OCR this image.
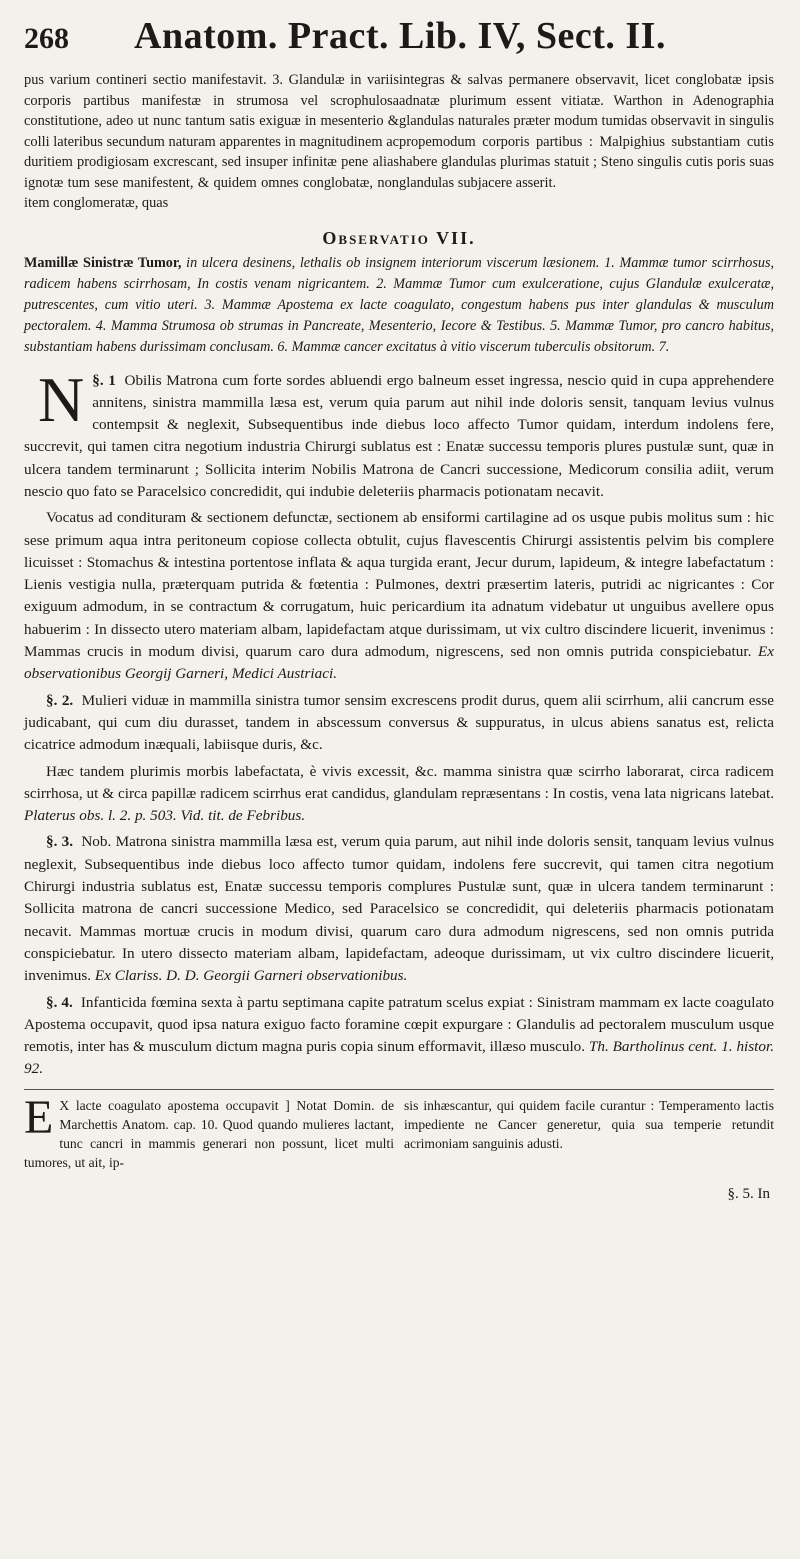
268	Anatom. Pract. Lib. IV, Sect. II.
pus varium contineri sectio manifestavit. 3. Glandulæ in variis corporis partibus manifestæ in strumosa vel scrophulosa constitutione, adeo ut nunc tantum satis exiguæ in mesenterio & colli lateribus secundum naturam apparentes in magnitudinem ac duritiem prodigiosam excrescant, sed insuper infinitæ pene alias ignotæ tum sese manifestent, & quidem omnes conglobatæ, non item conglomeratæ, quas
integras & salvas permanere observavit, licet conglobatæ ipsis adnatæ plurimum essent vitiatæ. Warthon in Adenographia glandulas naturales præter modum tumidas observavit in singulis propemodum corporis partibus : Malpighius substantiam cutis habere glandulas plurimas statuit ; Steno singulis cutis poris suas glandulas subjacere asserit.
Observatio VII.
Mamillæ Sinistræ Tumor, in ulcera desinens, lethalis ob insignem interiorum viscerum læsionem. 1. Mammæ tumor scirrhosus, radicem habens scirrhosam, In costis venam nigricantem. 2. Mammæ Tumor cum exulceratione, cujus Glandulæ exulceratæ, putrescentes, cum vitio uteri. 3. Mammæ Apostema ex lacte coagulato, congestum habens pus inter glandulas & musculum pectoralem. 4. Mamma Strumosa ob strumas in Pancreate, Mesenterio, Iecore & Testibus. 5. Mammæ Tumor, pro cancro habitus, substantiam habens durissimam conclusam. 6. Mammæ cancer excitatus à vitio viscerum tuberculis obsitorum. 7.

§. 1
N	Obilis Matrona cum forte sordes abluendi ergo balneum esset ingressa, nescio quid in cupa apprehendere annitens, sinistra mammilla læsa est, verum quia parum aut nihil inde doloris sensit, tanquam levius vulnus contempsit & neglexit, Subsequentibus inde diebus loco affecto Tumor quidam, interdum indolens fere, succrevit, qui tamen citra negotium industria Chirurgi sublatus est : Enatæ successu temporis plures pustulæ sunt, quæ in ulcera tandem terminarunt ; Sollicita interim Nobilis Matrona de Cancri successione, Medicorum consilia adiit, verum nescio quo fato se Paracelsico concredidit, qui indubie deleteriis pharmacis potionatam necavit.

Vocatus ad condituram & sectionem defunctæ, sectionem ab ensiformi cartilagine ad os usque pubis molitus sum : hic sese primum aqua intra peritoneum copiose collecta obtulit, cujus flavescentis Chirurgi assistentis pelvim bis complere licuisset : Stomachus & intestina portentose inflata & aqua turgida erant, Jecur durum, lapideum, & integre labefactatum : Lienis vestigia nulla, præterquam putrida & fœtentia : Pulmones, dextri præsertim lateris, putridi ac nigricantes : Cor exiguum admodum, in se contractum & corrugatum, huic pericardium ita adnatum videbatur ut unguibus avellere opus habuerim : In dissecto utero materiam albam, lapidefactam atque durissimam, ut vix cultro discindere licuerit, invenimus : Mammas crucis in modum divisi, quarum caro dura admodum, nigrescens, sed non omnis putrida conspiciebatur. Ex observationibus Georgij Garneri, Medici Austriaci.

§. 2. Mulieri viduæ in mammilla sinistra tumor sensim excrescens prodit durus, quem alii scirrhum, alii cancrum esse judicabant, qui cum diu durasset, tandem in abscessum conversus & suppuratus, in ulcus abiens sanatus est, relicta cicatrice admodum inæquali, labiisque duris, &c.

Hæc tandem plurimis morbis labefactata, è vivis excessit, &c. mamma sinistra quæ scirrho laborarat, circa radicem scirrhosa, ut & circa papillæ radicem scirrhus erat candidus, glandulam repræsentans : In costis, vena lata nigricans latebat. Platerus obs. l. 2. p. 503. Vid. tit. de Febribus.

§. 3. Nob. Matrona sinistra mammilla læsa est, verum quia parum, aut nihil inde doloris sensit, tanquam levius vulnus neglexit, Subsequentibus inde diebus loco affecto tumor quidam, indolens fere succrevit, qui tamen citra negotium Chirurgi industria sublatus est, Enatæ successu temporis complures Pustulæ sunt, quæ in ulcera tandem terminarunt : Sollicita matrona de cancri successione Medico, sed Paracelsico se concredidit, qui deleteriis pharmacis potionatam necavit. Mammas mortuæ crucis in modum divisi, quarum caro dura admodum nigrescens, sed non omnis putrida conspiciebatur. In utero dissecto materiam albam, lapidefactam, adeoque durissimam, ut vix cultro discindere licuerit, invenimus. Ex Clariss. D. D. Georgii Garneri observationibus.

§. 4. Infanticida fœmina sexta à partu septimana capite patratum scelus expiat : Sinistram mammam ex lacte coagulato Apostema occupavit, quod ipsa natura exiguo facto foramine cœpit expurgare : Glandulis ad pectoralem musculum usque remotis, inter has & musculum dictum magna puris copia sinum efformavit, illæso musculo. Th. Bartholinus cent. 1. histor. 92.

E X lacte coagulato apostema occupavit ] Notat Domin. de Marchettis Anatom. cap. 10. Quod quando mulieres lactant, tunc cancri in mammis generari non possunt, licet multi tumores, ut ait, ip-
sis inhæscantur, qui quidem facile curantur : Temperamento lactis impediente ne Cancer generetur, quia sua temperie retundit acrimoniam sanguinis adusti.
§. 5. In
